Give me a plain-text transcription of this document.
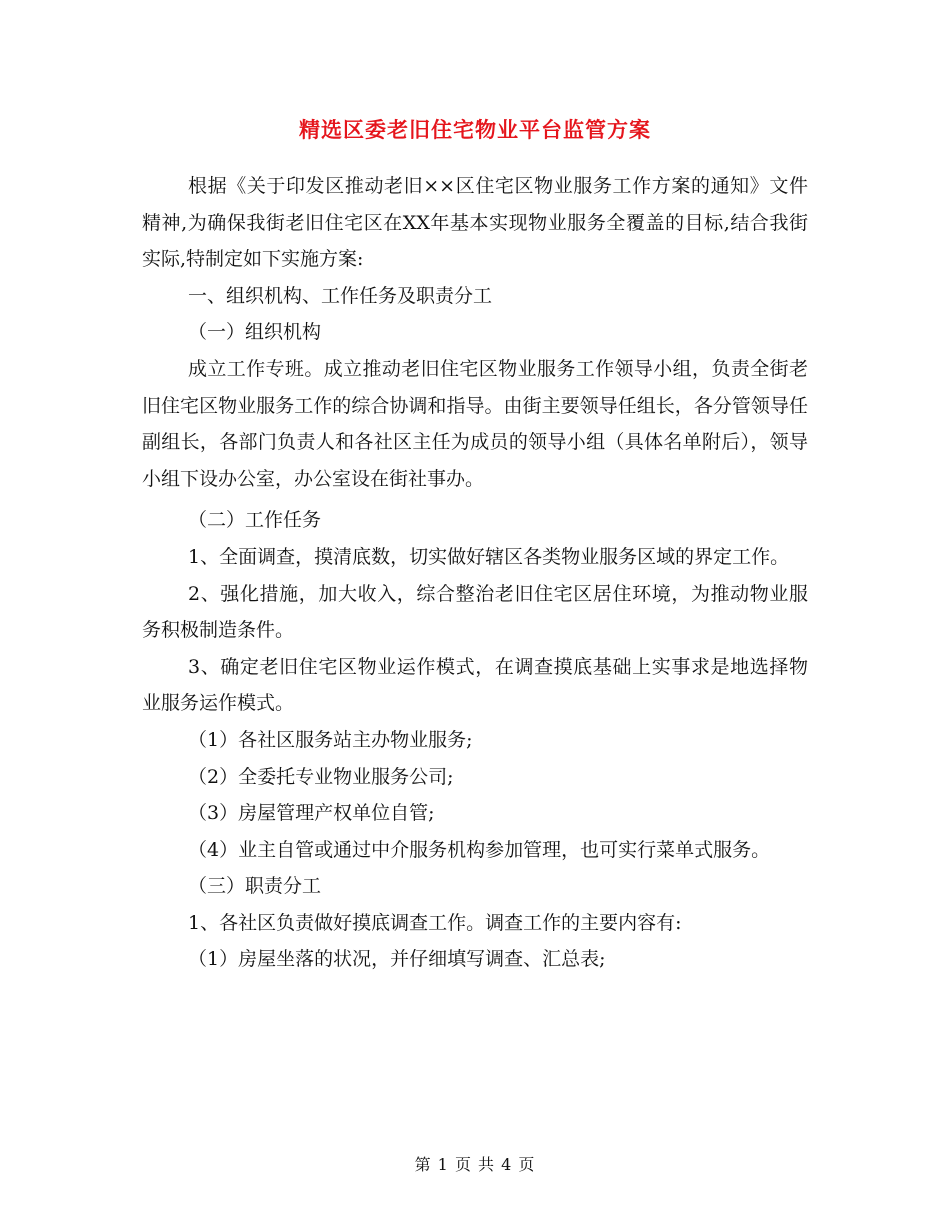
精选区委老旧住宅物业平台监管方案

根据《关于印发区推动老旧××区住宅区物业服务工作方案的通知》文件精神,为确保我街老旧住宅区在XX年基本实现物业服务全覆盖的目标,结合我街实际,特制定如下实施方案:

一、组织机构、工作任务及职责分工

（一）组织机构

成立工作专班。成立推动老旧住宅区物业服务工作领导小组，负责全街老旧住宅区物业服务工作的综合协调和指导。由街主要领导任组长，各分管领导任副组长，各部门负责人和各社区主任为成员的领导小组（具体名单附后），领导小组下设办公室，办公室设在街社事办。

（二）工作任务

1、全面调查，摸清底数，切实做好辖区各类物业服务区域的界定工作。

2、强化措施，加大收入，综合整治老旧住宅区居住环境，为推动物业服务积极制造条件。

3、确定老旧住宅区物业运作模式，在调查摸底基础上实事求是地选择物业服务运作模式。

（1）各社区服务站主办物业服务;

（2）全委托专业物业服务公司;

（3）房屋管理产权单位自管;

（4）业主自管或通过中介服务机构参加管理，也可实行菜单式服务。

（三）职责分工

1、各社区负责做好摸底调查工作。调查工作的主要内容有:

（1）房屋坐落的状况，并仔细填写调查、汇总表;

第 1 页 共 4 页
